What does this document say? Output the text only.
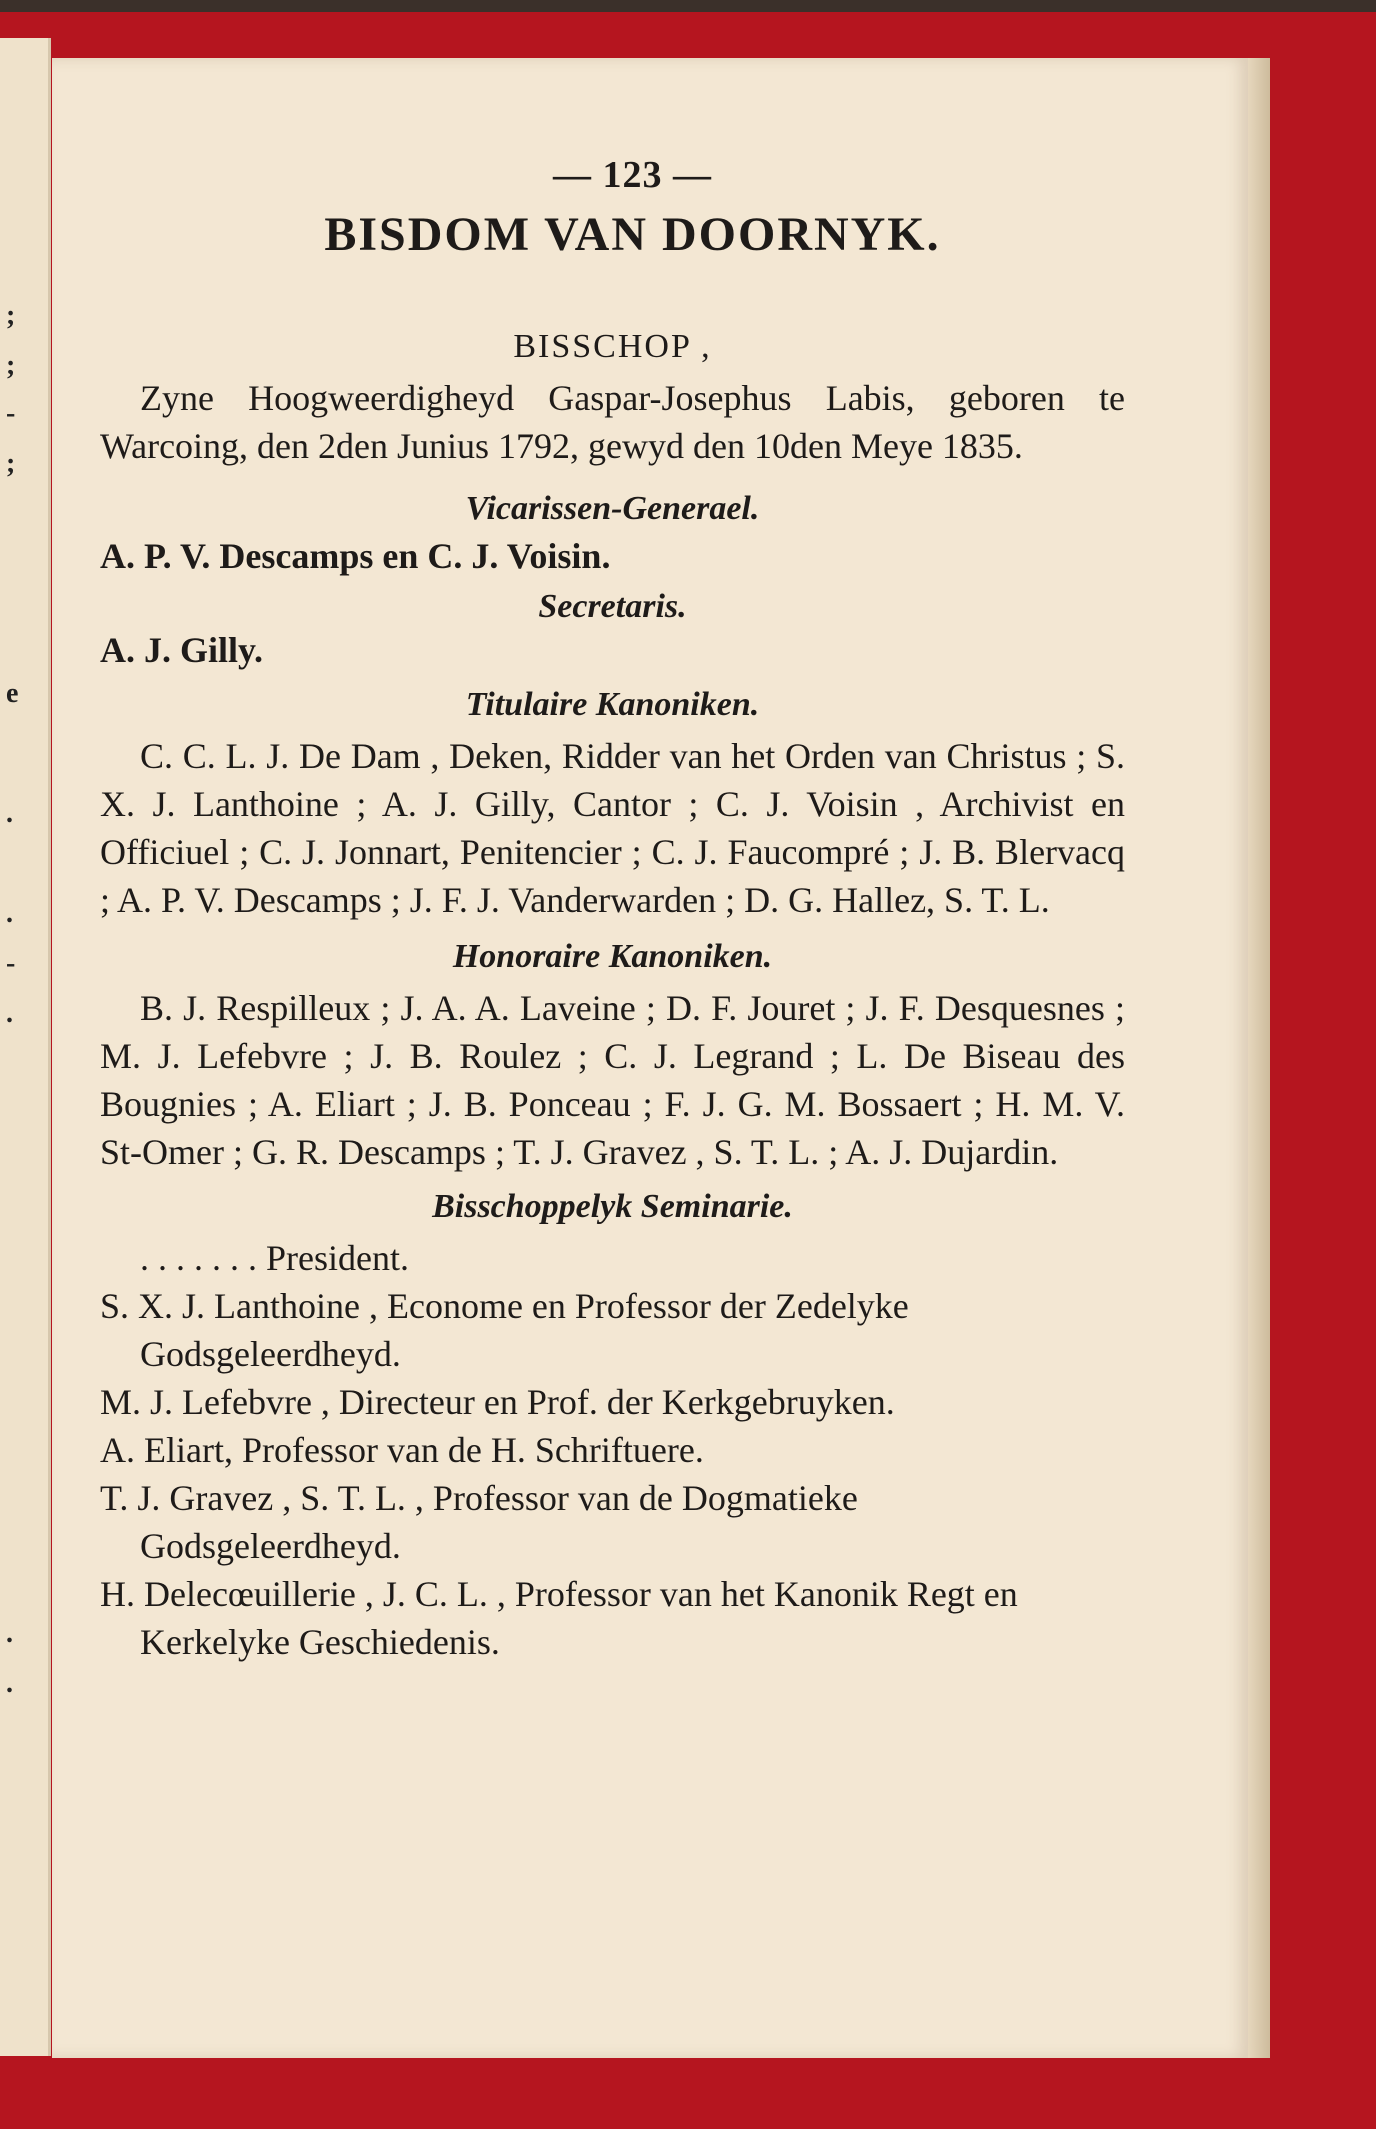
;
;
-
;
e
.
.
-
.
.
.
— 123 —
BISDOM VAN DOORNYK.
BISSCHOP ,
Zyne Hoogweerdigheyd Gaspar-Josephus Labis, geboren te Warcoing, den 2den Junius 1792, gewyd den 10den Meye 1835.
Vicarissen-Generael.
A. P. V. Descamps en C. J. Voisin.
Secretaris.
A. J. Gilly.
Titulaire Kanoniken.
C. C. L. J. De Dam , Deken, Ridder van het Orden van Christus ; S. X. J. Lanthoine ; A. J. Gilly, Cantor ; C. J. Voisin , Archivist en Officiuel ; C. J. Jonnart, Penitencier ; C. J. Faucompré ; J. B. Blervacq ; A. P. V. Descamps ; J. F. J. Vanderwarden ; D. G. Hallez, S. T. L.
Honoraire Kanoniken.
B. J. Respilleux ; J. A. A. Laveine ; D. F. Jouret ; J. F. Desquesnes ; M. J. Lefebvre ; J. B. Roulez ; C. J. Legrand ; L. De Biseau des Bougnies ; A. Eliart ; J. B. Ponceau ; F. J. G. M. Bossaert ; H. M. V. St-Omer ; G. R. Descamps ; T. J. Gravez , S. T. L. ; A. J. Dujardin.
Bisschoppelyk Seminarie.
. . . . . . . President.
S. X. J. Lanthoine , Econome en Professor der Zedelyke Godsgeleerdheyd.
M. J. Lefebvre , Directeur en Prof. der Kerkgebruyken.
A. Eliart, Professor van de H. Schriftuere.
T. J. Gravez , S. T. L. , Professor van de Dogmatieke Godsgeleerdheyd.
H. Delecœuillerie , J. C. L. , Professor van het Kanonik Regt en Kerkelyke Geschiedenis.
